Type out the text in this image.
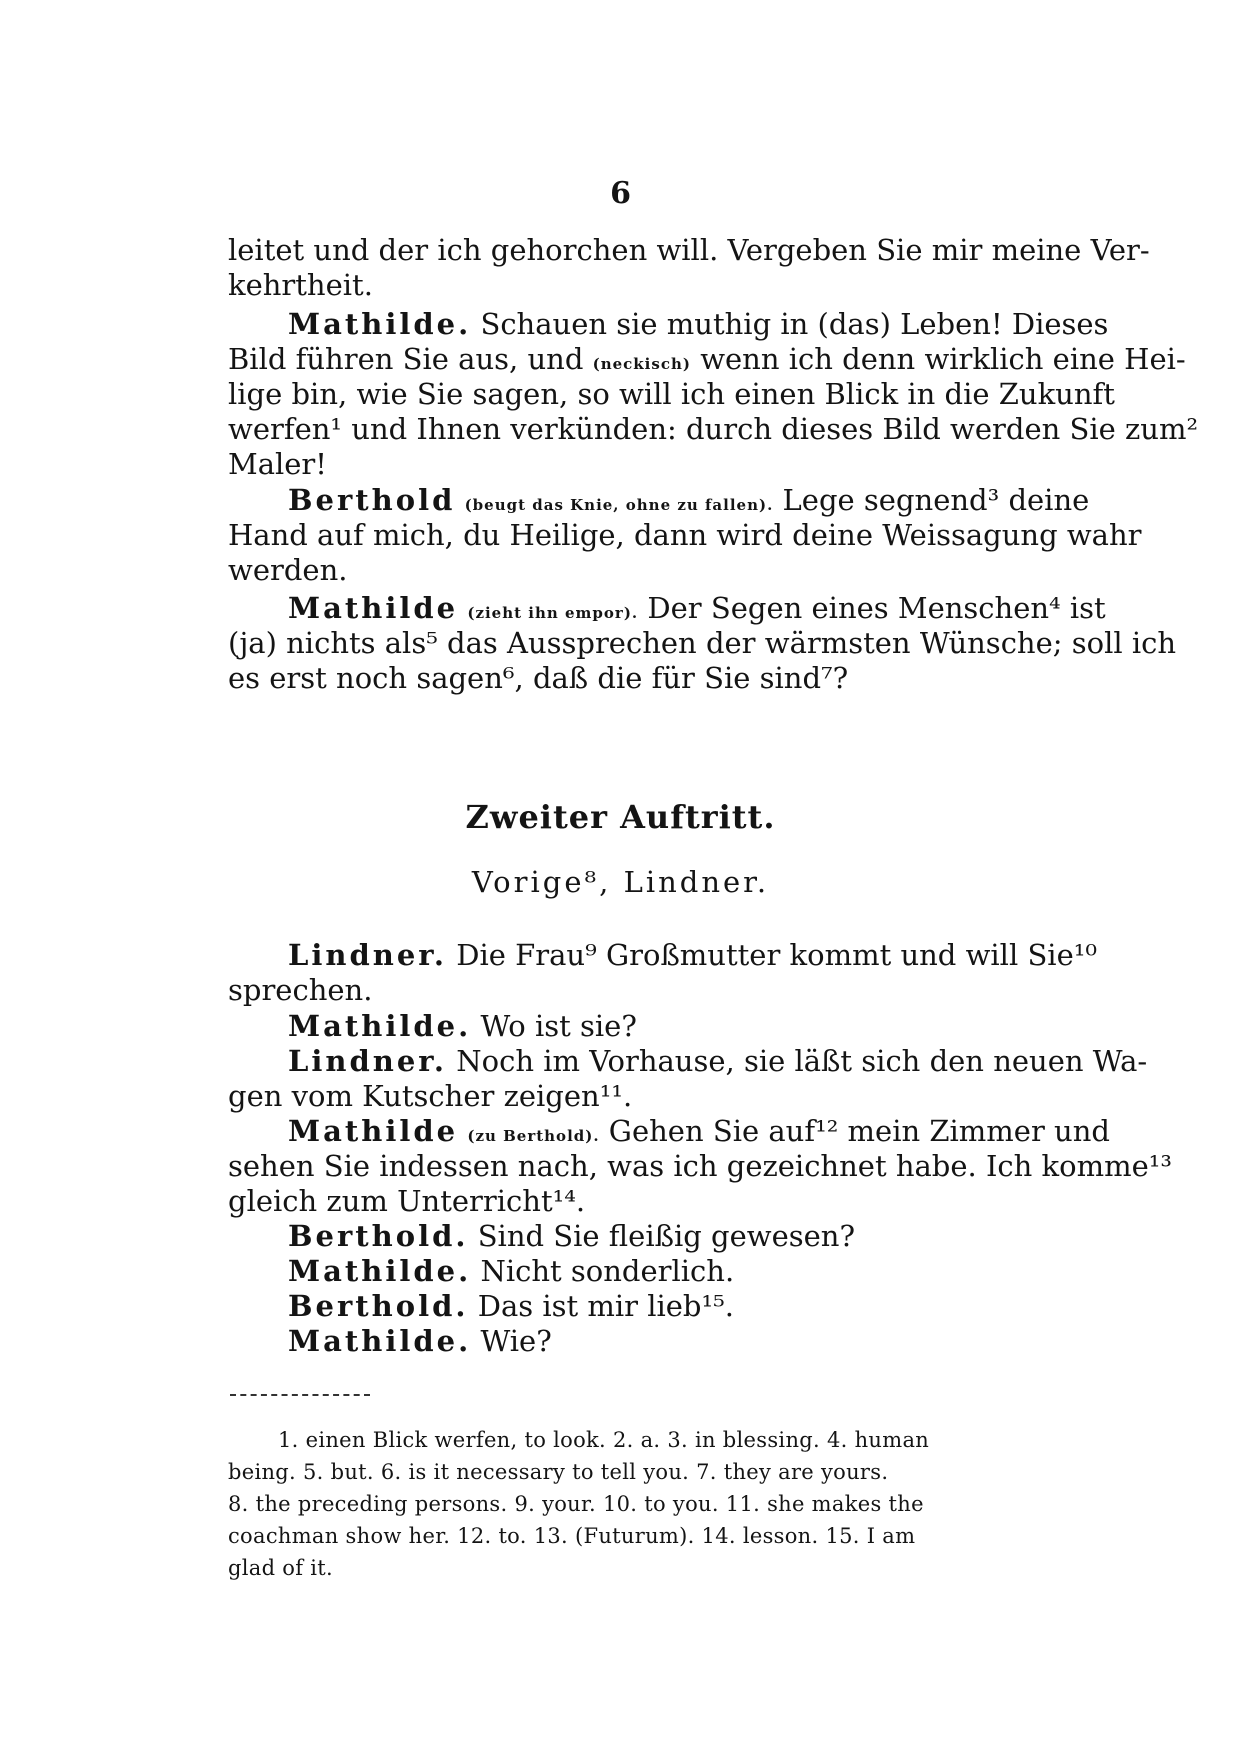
6
leitet und der ich gehorchen will. Vergeben Sie mir meine Ver-
kehrtheit.
Mathilde. Schauen sie muthig in (das) Leben! Dieses
Bild führen Sie aus, und (neckisch) wenn ich denn wirklich eine Hei-
lige bin, wie Sie sagen, so will ich einen Blick in die Zukunft
werfen¹ und Ihnen verkünden: durch dieses Bild werden Sie zum²
Maler!
Berthold (beugt das Knie, ohne zu fallen). Lege segnend³ deine
Hand auf mich, du Heilige, dann wird deine Weissagung wahr
werden.
Mathilde (zieht ihn empor). Der Segen eines Menschen⁴ ist
(ja) nichts als⁵ das Aussprechen der wärmsten Wünsche; soll ich
es erst noch sagen⁶, daß die für Sie sind⁷?
Zweiter Auftritt.
Vorige⁸, Lindner.
Lindner. Die Frau⁹ Großmutter kommt und will Sie¹⁰
sprechen.
Mathilde. Wo ist sie?
Lindner. Noch im Vorhause, sie läßt sich den neuen Wa-
gen vom Kutscher zeigen¹¹.
Mathilde (zu Berthold). Gehen Sie auf¹² mein Zimmer und
sehen Sie indessen nach, was ich gezeichnet habe. Ich komme¹³
gleich zum Unterricht¹⁴.
Berthold. Sind Sie fleißig gewesen?
Mathilde. Nicht sonderlich.
Berthold. Das ist mir lieb¹⁵.
Mathilde. Wie?
1. einen Blick werfen, to look. 2. a. 3. in blessing. 4. human
being. 5. but. 6. is it necessary to tell you. 7. they are yours.
8. the preceding persons. 9. your. 10. to you. 11. she makes the
coachman show her. 12. to. 13. (Futurum). 14. lesson. 15. I am
glad of it.
